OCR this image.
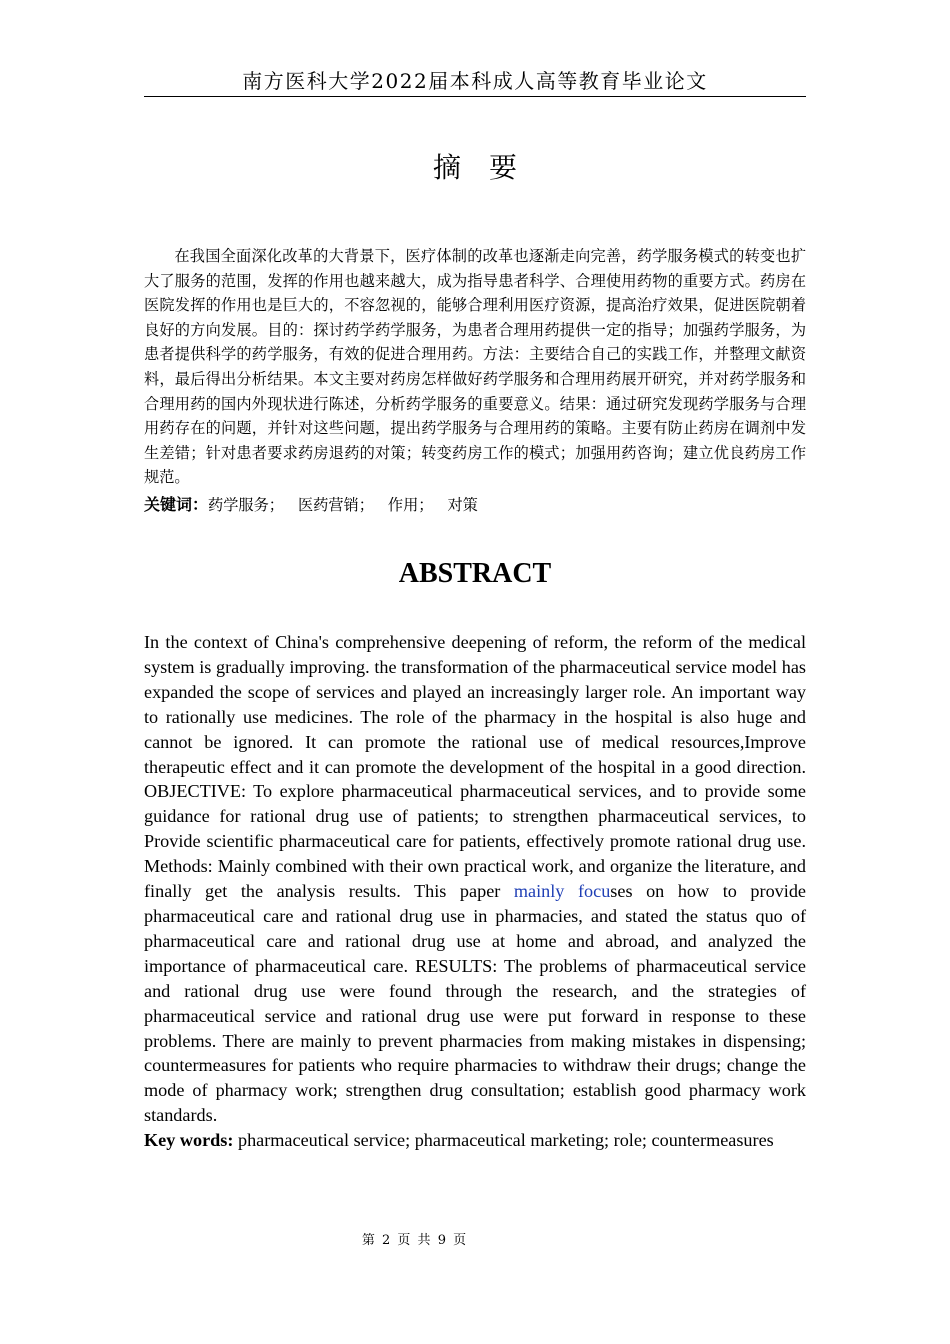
南方医科大学2022届本科成人高等教育毕业论文
摘　要

在我国全面深化改革的大背景下，医疗体制的改革也逐渐走向完善，药学服务模式的转变也扩大了服务的范围，发挥的作用也越来越大，成为指导患者科学、合理使用药物的重要方式。药房在医院发挥的作用也是巨大的，不容忽视的，能够合理利用医疗资源，提高治疗效果，促进医院朝着良好的方向发展。目的：探讨药学药学服务，为患者合理用药提供一定的指导；加强药学服务，为患者提供科学的药学服务，有效的促进合理用药。方法：主要结合自己的实践工作，并整理文献资料，最后得出分析结果。本文主要对药房怎样做好药学服务和合理用药展开研究，并对药学服务和合理用药的国内外现状进行陈述，分析药学服务的重要意义。结果：通过研究发现药学服务与合理用药存在的问题，并针对这些问题，提出药学服务与合理用药的策略。主要有防止药房在调剂中发生差错；针对患者要求药房退药的对策；转变药房工作的模式；加强用药咨询；建立优良药房工作规范。

关键词：药学服务； 医药营销； 作用； 对策

ABSTRACT

In the context of China's comprehensive deepening of reform, the reform of the medical system is gradually improving. the transformation of the pharmaceutical service model has expanded the scope of services and played an increasingly larger role. An important way to rationally use medicines. The role of the pharmacy in the hospital is also huge and cannot be ignored. It can promote the rational use of medical resources,Improve therapeutic effect and it can promote the development of the hospital in a good direction. OBJECTIVE: To explore pharmaceutical pharmaceutical services, and to provide some guidance for rational drug use of patients; to strengthen pharmaceutical services, to Provide scientific pharmaceutical care for patients, effectively promote rational drug use. Methods: Mainly combined with their own practical work, and organize the literature, and finally get the analysis results. This paper mainly focuses on how to provide pharmaceutical care and rational drug use in pharmacies, and stated the status quo of pharmaceutical care and rational drug use at home and abroad, and analyzed the importance of pharmaceutical care. RESULTS: The problems of pharmaceutical service and rational drug use were found through the research, and the strategies of pharmaceutical service and rational drug use were put forward in response to these problems. There are mainly to prevent pharmacies from making mistakes in dispensing; countermeasures for patients who require pharmacies to withdraw their drugs; change the mode of pharmacy work; strengthen drug consultation; establish good pharmacy work standards.

Key words: pharmaceutical service; pharmaceutical marketing; role; countermeasures

第 2 页 共 9 页
